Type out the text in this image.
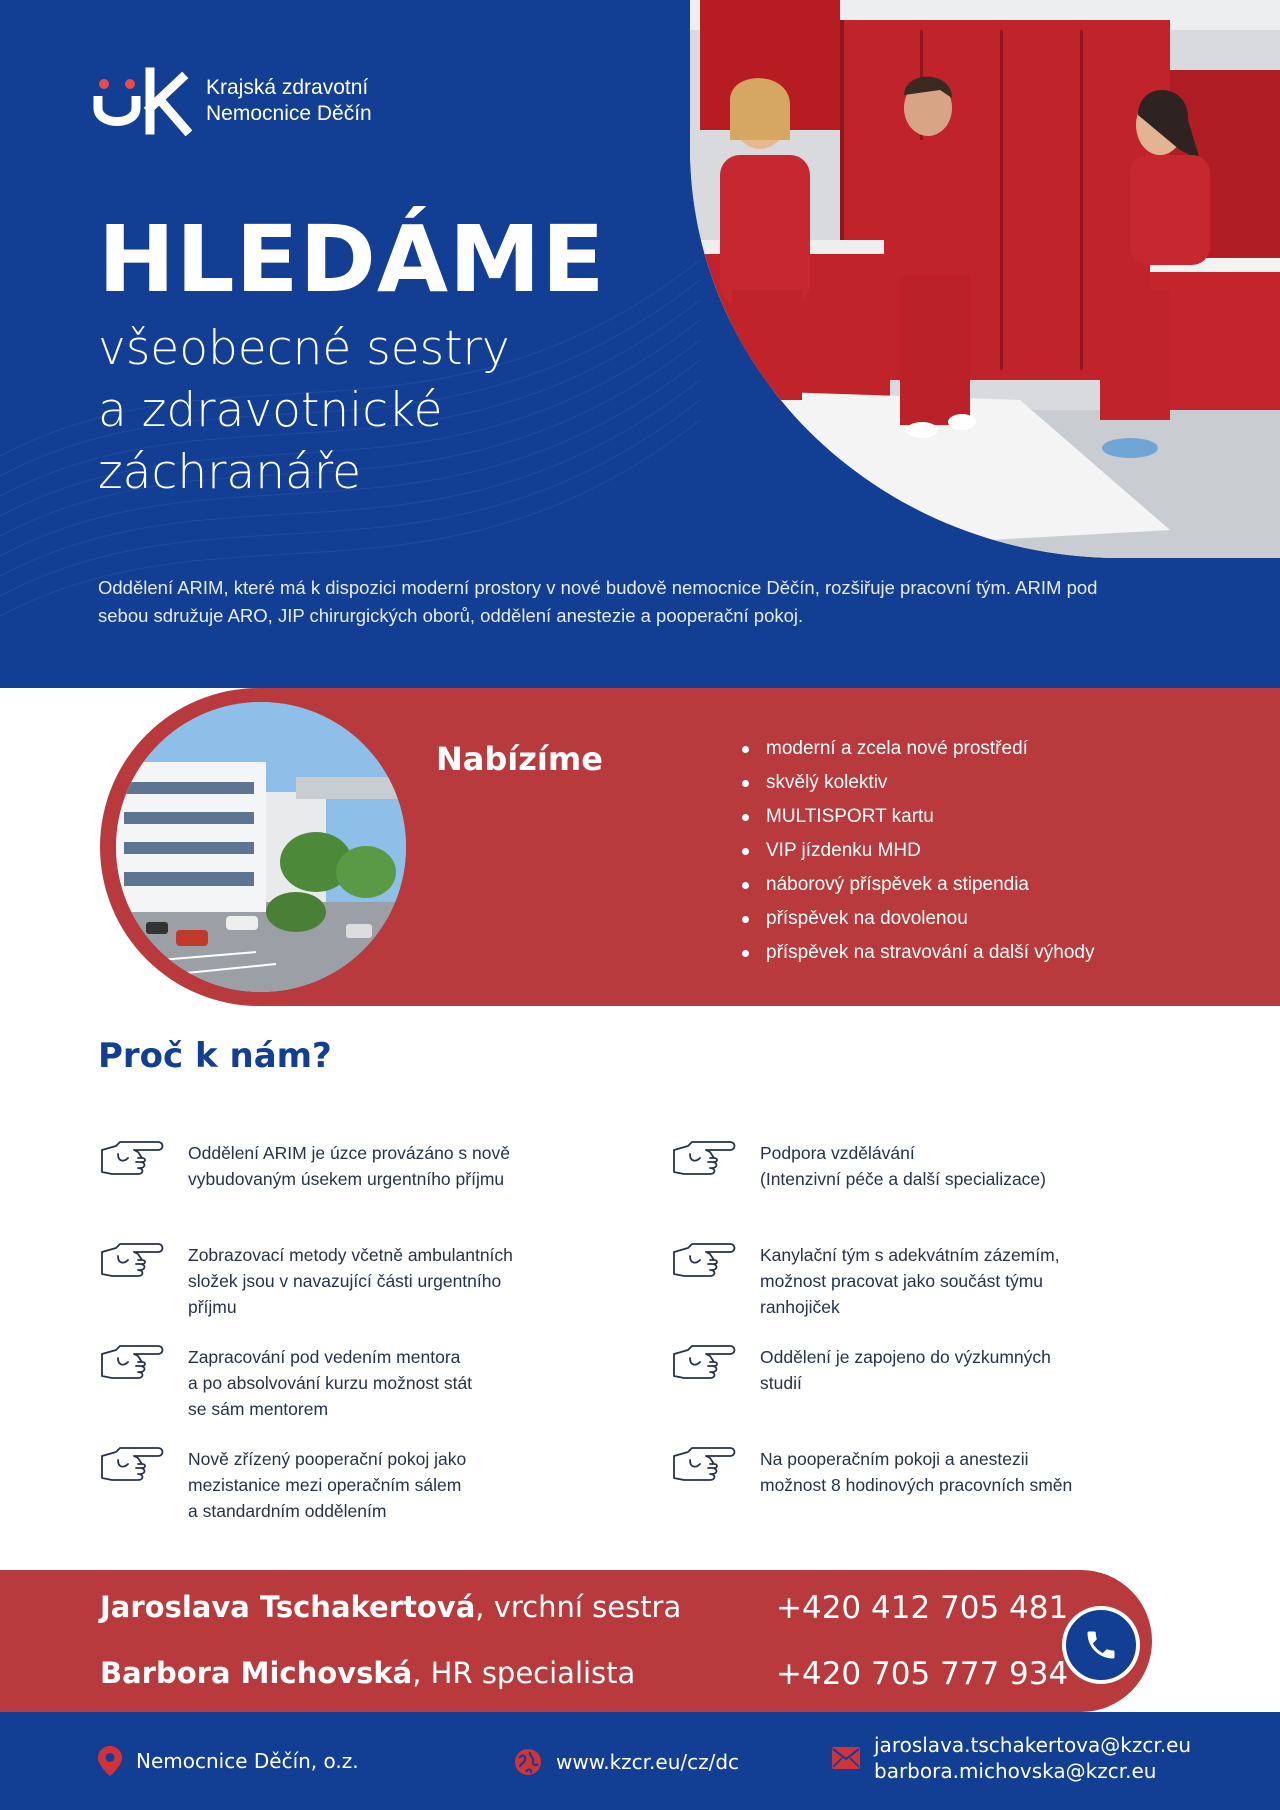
Krajská zdravotní
Nemocnice Děčín
HLEDÁME
všeobecné sestry
a zdravotnické
záchranáře

Oddělení ARIM, které má k dispozici moderní prostory v nové budově nemocnice Děčín, rozšiřuje pracovní tým. ARIM pod sebou sdružuje ARO, JIP chirurgických oborů, oddělení anestezie a pooperační pokoj.

Nabízíme	moderní a zcela nové prostředí
skvělý kolektiv
MULTISPORT kartu
VIP jízdenku MHD
náborový příspěvek a stipendia
příspěvek na dovolenou
příspěvek na stravování a další výhody
Proč k nám?
Oddělení ARIM je úzce provázáno s nově
vybudovaným úsekem urgentního příjmu
Podpora vzdělávání
(Intenzivní péče a další specializace)
Zobrazovací metody včetně ambulantních
složek jsou v navazující části urgentního
příjmu
Kanylační tým s adekvátním zázemím,
možnost pracovat jako součást týmu
ranhojiček
Zapracování pod vedením mentora
a po absolvování kurzu možnost stát
se sám mentorem
Oddělení je zapojeno do výzkumných
studií
Nově zřízený pooperační pokoj jako
mezistanice mezi operačním sálem
a standardním oddělením
Na pooperačním pokoji a anestezii
možnost 8 hodinových pracovních směn
Jaroslava Tschakertová, vrchní sestra	+420 412 705 481
Barbora Michovská, HR specialista	+420 705 777 934
Nemocnice Děčín, o.z.	www.kzcr.eu/cz/dc
jaroslava.tschakertova@kzcr.eu
barbora.michovska@kzcr.eu
